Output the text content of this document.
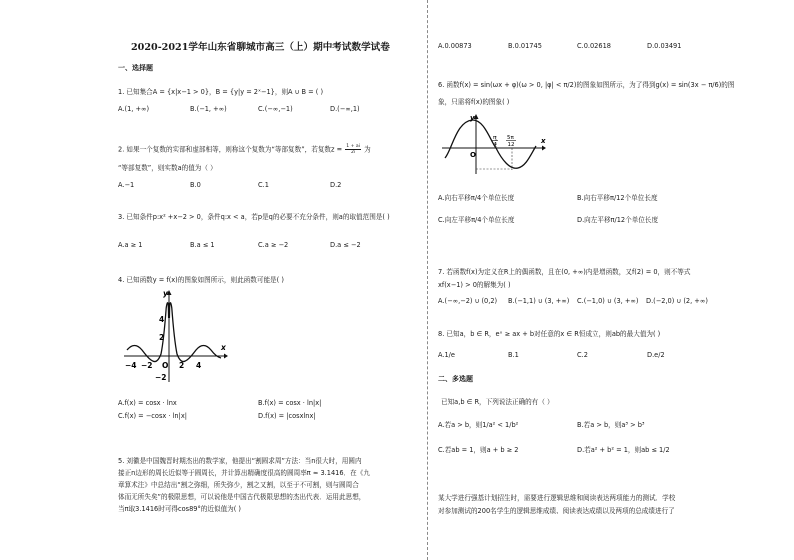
2020-2021学年山东省聊城市高三（上）期中考试数学试卷
一、选择题
1. 已知集合A = {x|x−1 > 0}，B = {y|y = 2ˣ−1}，则A ∪ B = ( )
A.(1, +∞)	B.(−1, +∞)	C.(−∞,−1)	D.(−∞,1)
2. 如果一个复数的实部和虚部相等，则称这个复数为“等部复数”，若复数$z = \frac{1 + ai}{2i}$ 为
“等部复数”，则实数a的值为（ ）
A.−1	B.0	C.1	D.2
3. 已知条件p:x² +x−2 > 0，条件q:x < a，若p是q的必要不充分条件，则a的取值范围是( )
A.a ≥ 1	B.a ≤ 1	C.a ≥ −2	D.a ≤ −2
4. 已知函数y = f(x)的图象如图所示，则此函数可能是( )
y
x
4
2
−2
−4 −2 O 2 4
A.f(x) = cosx · lnx	B.f(x) = cosx · ln|x|
C.f(x) = −cosx · ln|x|	D.f(x) = |cosxlnx|
5. 刘徽是中国魏晋时期杰出的数学家，他提出“割圆求周”方法：当n很大时，用圆内
接正n边形的周长近似等于圆周长，并计算出精确度很高的圆周率π ≈ 3.1416．在《九
章算术注》中总结出“割之弥细，所失弥少，割之又割，以至于不可割，则与圆周合
体而无所失矣”的极限思想，可以说他是中国古代极限思想的杰出代表．运用此思想，
当π取3.1416时可得cos89°的近似值为( )
A.0.00873	B.0.01745	C.0.02618	D.0.03491
6. 函数f(x) = sin(ωx + φ)(ω > 0, |φ| < π/2)的图象如图所示，为了得到g(x) = sin(3x − π/6)的图
象，只需将f(x)的图象( )
y
x
O
π
4
5π
12
A.向右平移π/4个单位长度	B.向右平移π/12个单位长度
C.向左平移π/4个单位长度	D.向左平移π/12个单位长度
7. 若函数f(x)为定义在R上的偶函数，且在(0, +∞)内是增函数，又f(2) = 0，则不等式
xf(x−1) > 0的解集为( )
A.(−∞,−2) ∪ (0,2) B.(−1,1) ∪ (3, +∞) C.(−1,0) ∪ (3, +∞) D.(−2,0) ∪ (2, +∞)
8. 已知a，b ∈ R，eˣ ≥ ax + b对任意的x ∈ R恒成立，则ab的最大值为( )
A.1/e	B.1	C.2	D.e/2
二、多选题
已知a,b ∈ R，下列说法正确的有（ ）
A.若a > b，则1/a² < 1/b²	B.若a > b，则a³ > b³
C.若ab = 1，则a + b ≥ 2	D.若a² + b² = 1，则ab ≤ 1/2
某大学进行强基计划招生时，需要进行逻辑思维和阅读表达两项能力的测试．学校
对参加测试的200名学生的逻辑思维成绩、阅读表达成绩以及两项的总成绩进行了
